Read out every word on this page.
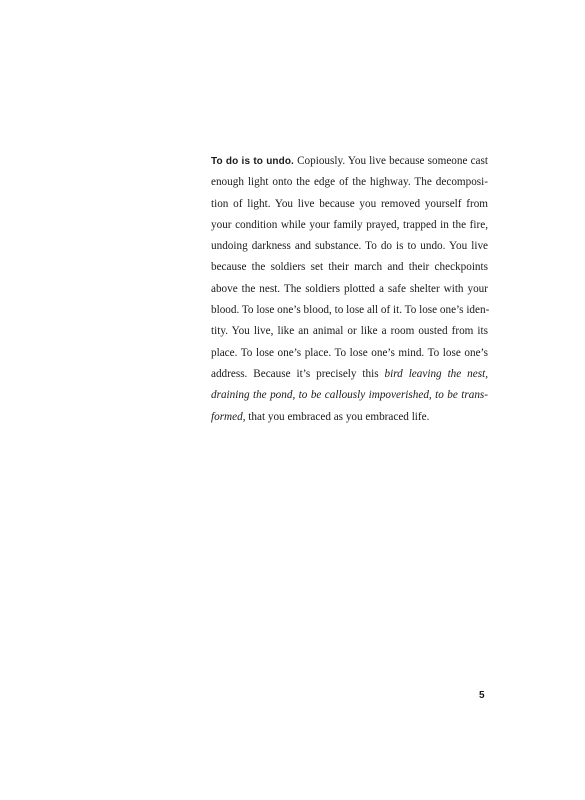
To do is to undo. Copiously. You live because someone cast
enough light onto the edge of the highway. The decomposi-
tion of light. You live because you removed yourself from
your condition while your family prayed, trapped in the fire,
undoing darkness and substance. To do is to undo. You live
because the soldiers set their march and their checkpoints
above the nest. The soldiers plotted a safe shelter with your
blood. To lose one’s blood, to lose all of it. To lose one’s iden-
tity. You live, like an animal or like a room ousted from its
place. To lose one’s place. To lose one’s mind. To lose one’s
address. Because it’s precisely this bird leaving the nest,
draining the pond, to be callously impoverished, to be trans-
formed, that you embraced as you embraced life.

5
